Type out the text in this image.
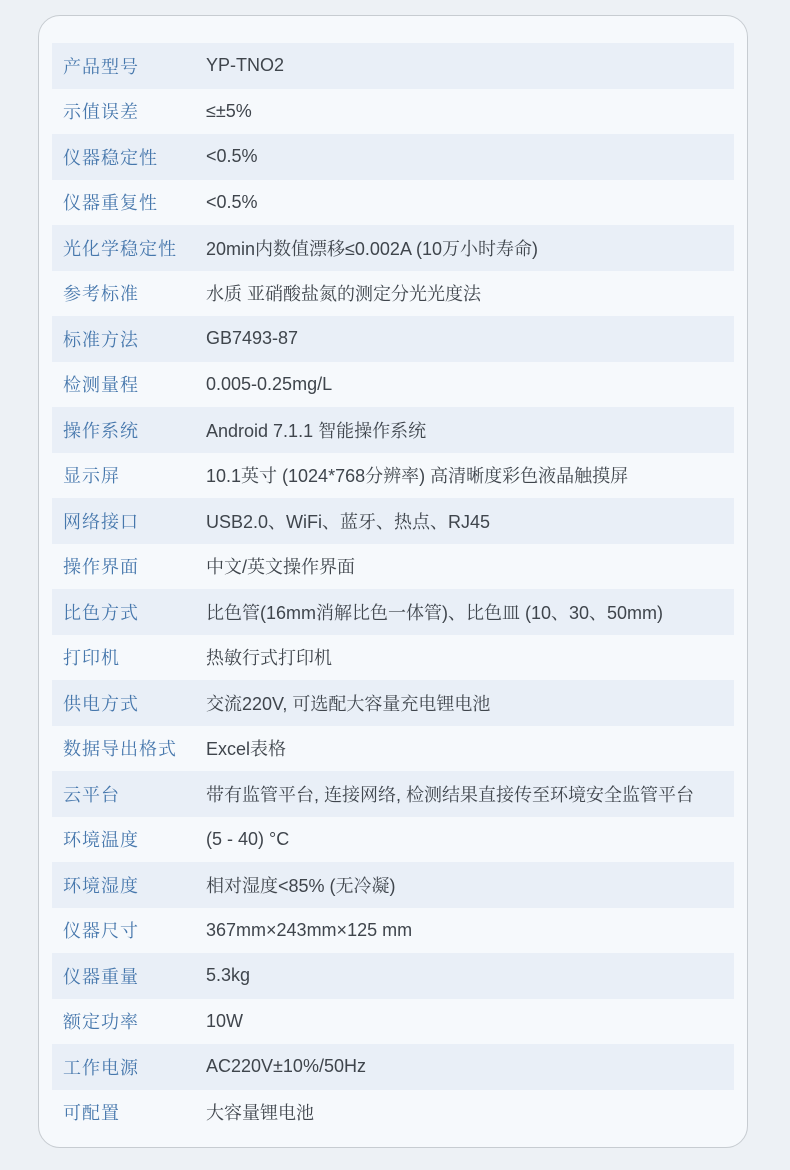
产品型号	YP-TNO2
示值误差	≤±5%
仪器稳定性	<0.5%
仪器重复性	<0.5%
光化学稳定性	20min内数值漂移≤0.002A (10万小时寿命)
参考标准	水质 亚硝酸盐氮的测定分光光度法
标准方法	GB7493-87
检测量程	0.005-0.25mg/L
操作系统	Android 7.1.1 智能操作系统
显示屏	10.1英寸 (1024*768分辨率) 高清晰度彩色液晶触摸屏
网络接口	USB2.0、WiFi、蓝牙、热点、RJ45
操作界面	中文/英文操作界面
比色方式	比色管(16mm消解比色一体管)、比色皿 (10、30、50mm)
打印机	热敏行式打印机
供电方式	交流220V, 可选配大容量充电锂电池
数据导出格式	Excel表格
云平台	带有监管平台, 连接网络, 检测结果直接传至环境安全监管平台
环境温度	(5 - 40) °C
环境湿度	相对湿度<85% (无冷凝)
仪器尺寸	367mm×243mm×125 mm
仪器重量	5.3kg
额定功率	10W
工作电源	AC220V±10%/50Hz
可配置	大容量锂电池
